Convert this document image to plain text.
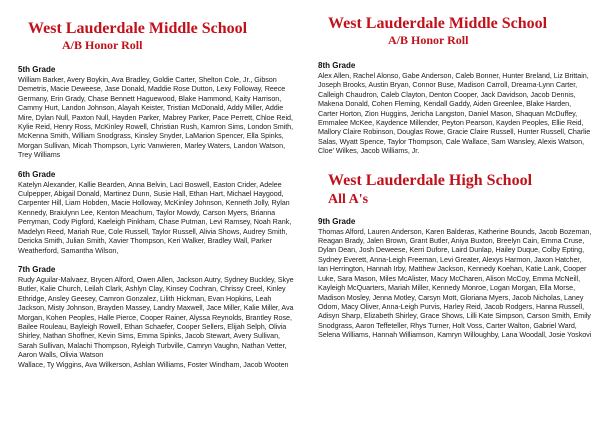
West Lauderdale Middle School
A/B Honor Roll
5th Grade
William Barker, Avery Boykin, Ava Bradley, Goldie Carter, Shelton Cole, Jr., Gibson Demetris, Macie Deweese, Jase Donald, Maddie Rose Dutton, Lexy Followay, Reece Germany, Erin Grady, Chase Bennett Haguewood, Blake Hammond, Kaity Harrison, Cammy Hurt, Landon Johnson, Alayah Keister, Tristian McDonald, Addy Miller, Addie Mire, Dylan Null, Paxton Null, Hayden Parker, Mabrey Parker, Pace Perrett, Chloe Reid, Kylie Reid, Henry Ross, McKinley Rowell, Christian Rush, Kamron Sims, London Smith, McKenna Smith, William Snodgrass, Kinsley Snyder, LaMarion Spencer, Ella Spinks, Morgan Sullivan, Micah Thompson, Lyric Vanwieren, Marley Waters, Landon Watson, Trey Williams
6th Grade
Katelyn Alexander, Kallie Bearden, Anna Belvin, Laci Boswell, Easton Crider, Adelee Culpepper, Abigail Donald, Martinez Dunn, Susie Hall, Ethan Hart, Michael Haygood, Carpenter Hill, Liam Hobden, Macie Holloway, McKinley Johnson, Kenneth Jolly, Rylan Kennedy, Braiulynn Lee, Kenton Meachum, Taylor Mowdy, Carson Myers, Brianna Perryman, Cody Pigford, Kaeleigh Pinkham, Chase Putman, Levi Ramsey, Noah Rank, Madelyn Reed, Mariah Rue, Cole Russell, Taylor Russell, Alivia Shows, Audrey Smith, Dericka Smith, Julian Smith, Xavier Thompson, Keri Walker, Bradley Wall, Parker Weatherford, Samantha Wilson,
7th Grade
Rudy Aguilar-Malvaez, Brycen Alford, Owen Allen, Jackson Autry, Sydney Buckley, Skye Butler, Kalie Church, Leilah Clark, Ashlyn Clay, Kinsey Cochran, Chrissy Creel, Kinley Ethridge, Ansley Geesey, Camron Gonzalez, Lilith Hickman, Evan Hopkins, Leah Jackson, Misty Johnson, Brayden Massey, Landry Maxwell, Jace Miller, Kalie Miller, Ava Morgan, Kohen Peoples, Halle Pierce, Cooper Rainer, Alyssa Reynolds, Brantley Rose, Bailee Rouleau, Bayleigh Rowell, Ethan Schaefer, Cooper Sellers, Elijah Selph, Olivia Shirley, Nathan Shoffner, Kevin Sims, Emma Spinks, Jacob Stewart, Avery Sullivan, Sarah Sullivan, Malachi Thompson, Ryleigh Turbville, Camryn Vaughn, Nathan Vetter, Aaron Walls, Olivia Watson
Wallace, Ty Wiggins, Ava Wilkerson, Ashlan Williams, Foster Windham, Jacob Wooten
West Lauderdale Middle School
A/B Honor Roll
8th Grade
Alex Allen, Rachel Alonso, Gabe Anderson, Caleb Bonner, Hunter Breland, Liz Brittain, Joseph Brooks, Austin Bryan, Connor Buse, Madison Carroll, Dreama-Lynn Carter, Calleigh Chaudron, Caleb Clayton, Denton Cooper, Jack Davidson, Jacob Dennis, Makena Donald, Cohen Fleming, Kendall Gaddy, Aiden Greenlee, Blake Harden, Carter Horton, Zion Huggins, Jericha Langston, Daniel Mason, Shaquan McDuffey, Emmalee McKee, Kaydence Millender, Peyton Pearson, Kayden Peoples, Ellie Reid, Mallory Claire Robinson, Douglas Rowe, Gracie Claire Russell, Hunter Russell, Charlie Salas, Wyatt Spence, Taylor Thompson, Cale Wallace, Sam Wansley, Alexis Watson, Cloe' Wilkes, Jacob Williams, Jr.
West Lauderdale High School
All A's
9th Grade
Thomas Alford, Lauren Anderson, Karen Balderas, Katherine Bounds, Jacob Bozeman, Reagan Brady, Jalen Brown, Grant Butler, Aniya Buxton, Breelyn Cain, Emma Cruse, Dylan Dean, Josh Deweese, Kerri Dufore, Laird Dunlap, Hailey Duque, Colby Epting, Sydney Everett, Anna-Leigh Freeman, Levi Greater, Alexys Harmon, Jaxon Hatcher, Ian Herrington, Hannah Irby, Matthew Jackson, Kennedy Koehan, Katie Lank, Cooper Luke, Sara Mason, Miles McAlister, Macy McCharen, Alison McCoy, Emma McNeill, Kayleigh McQuarters, Mariah Miller, Kennedy Monroe, Logan Morgan, Ella Morse, Madison Mosley, Jenna Motley, Carsyn Mott, Gloriana Myers, Jacob Nicholas, Laney Odom, Macy Oliver, Anna-Leigh Purvis, Harley Reid, Jacob Rodgers, Hanna Russell, Adisyn Sharp, Elizabeth Shirley, Grace Shows, Lilli Kate Simpson, Carson Smith, Emily Snodgrass, Aaron Teffeteller, Rhys Turner, Holt Voss, Carter Walton, Gabriel Ward, Selena Williams, Hannah Williamson, Kamryn Willoughby, Lana Woodall, Josie Yoskovi
